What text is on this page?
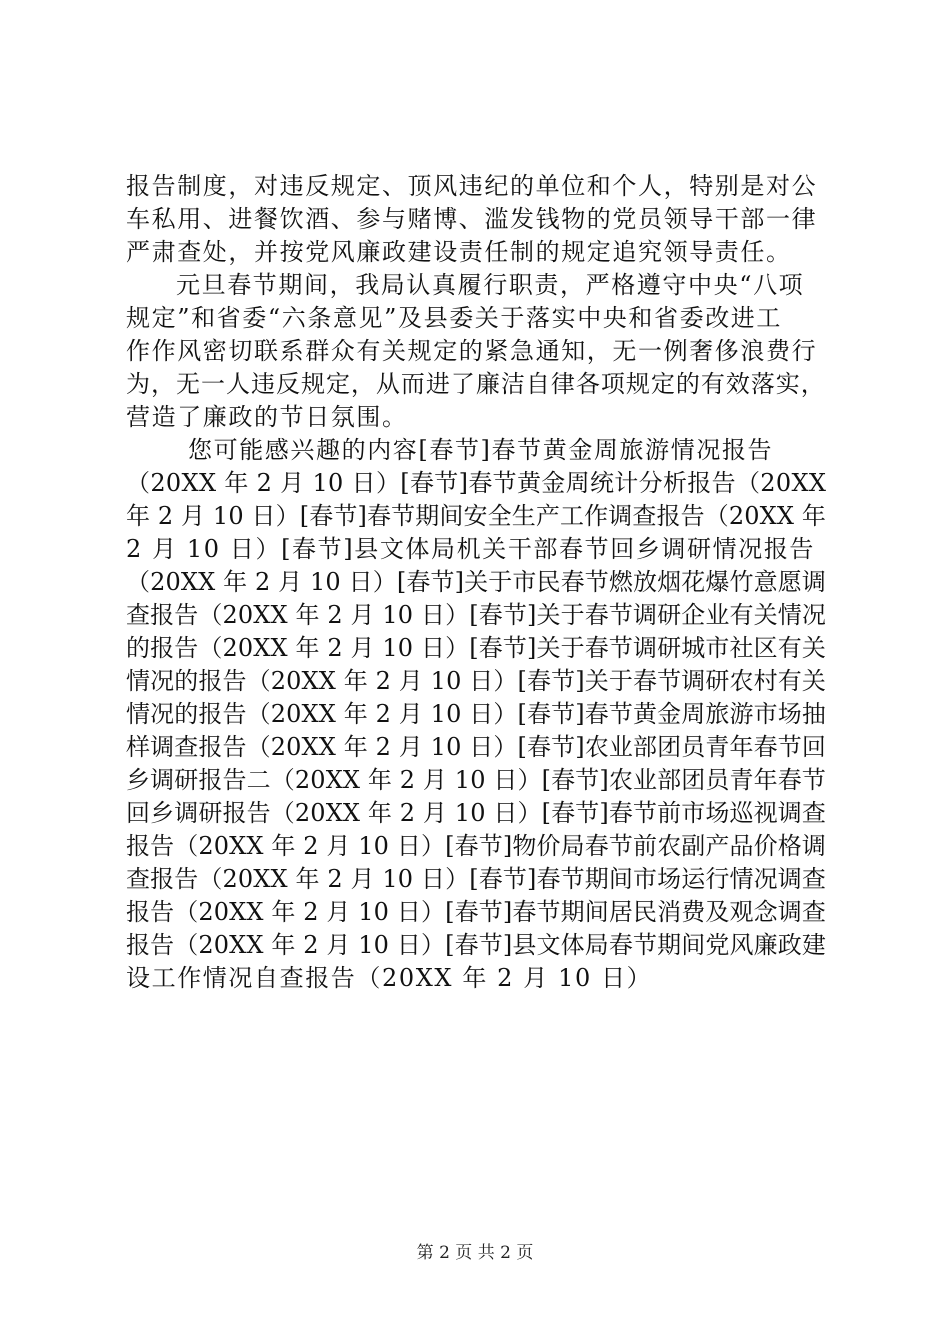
报告制度，对违反规定、顶风违纪的单位和个人，特别是对公
车私用、进餐饮酒、参与赌博、滥发钱物的党员领导干部一律
严肃查处，并按党风廉政建设责任制的规定追究领导责任。
元旦春节期间，我局认真履行职责，严格遵守中央“八项
规定”和省委“六条意见”及县委关于落实中央和省委改进工
作作风密切联系群众有关规定的紧急通知，无一例奢侈浪费行
为，无一人违反规定，从而进了廉洁自律各项规定的有效落实，
营造了廉政的节日氛围。
您可能感兴趣的内容[春节]春节黄金周旅游情况报告
（20XX 年 2 月 10 日）[春节]春节黄金周统计分析报告（20XX
年 2 月 10 日）[春节]春节期间安全生产工作调查报告（20XX 年
2 月 10 日）[春节]县文体局机关干部春节回乡调研情况报告
（20XX 年 2 月 10 日）[春节]关于市民春节燃放烟花爆竹意愿调
查报告（20XX 年 2 月 10 日）[春节]关于春节调研企业有关情况
的报告（20XX 年 2 月 10 日）[春节]关于春节调研城市社区有关
情况的报告（20XX 年 2 月 10 日）[春节]关于春节调研农村有关
情况的报告（20XX 年 2 月 10 日）[春节]春节黄金周旅游市场抽
样调查报告（20XX 年 2 月 10 日）[春节]农业部团员青年春节回
乡调研报告二（20XX 年 2 月 10 日）[春节]农业部团员青年春节
回乡调研报告（20XX 年 2 月 10 日）[春节]春节前市场巡视调查
报告（20XX 年 2 月 10 日）[春节]物价局春节前农副产品价格调
查报告（20XX 年 2 月 10 日）[春节]春节期间市场运行情况调查
报告（20XX 年 2 月 10 日）[春节]春节期间居民消费及观念调查
报告（20XX 年 2 月 10 日）[春节]县文体局春节期间党风廉政建
设工作情况自查报告（20XX 年 2 月 10 日）
第 2 页 共 2 页
